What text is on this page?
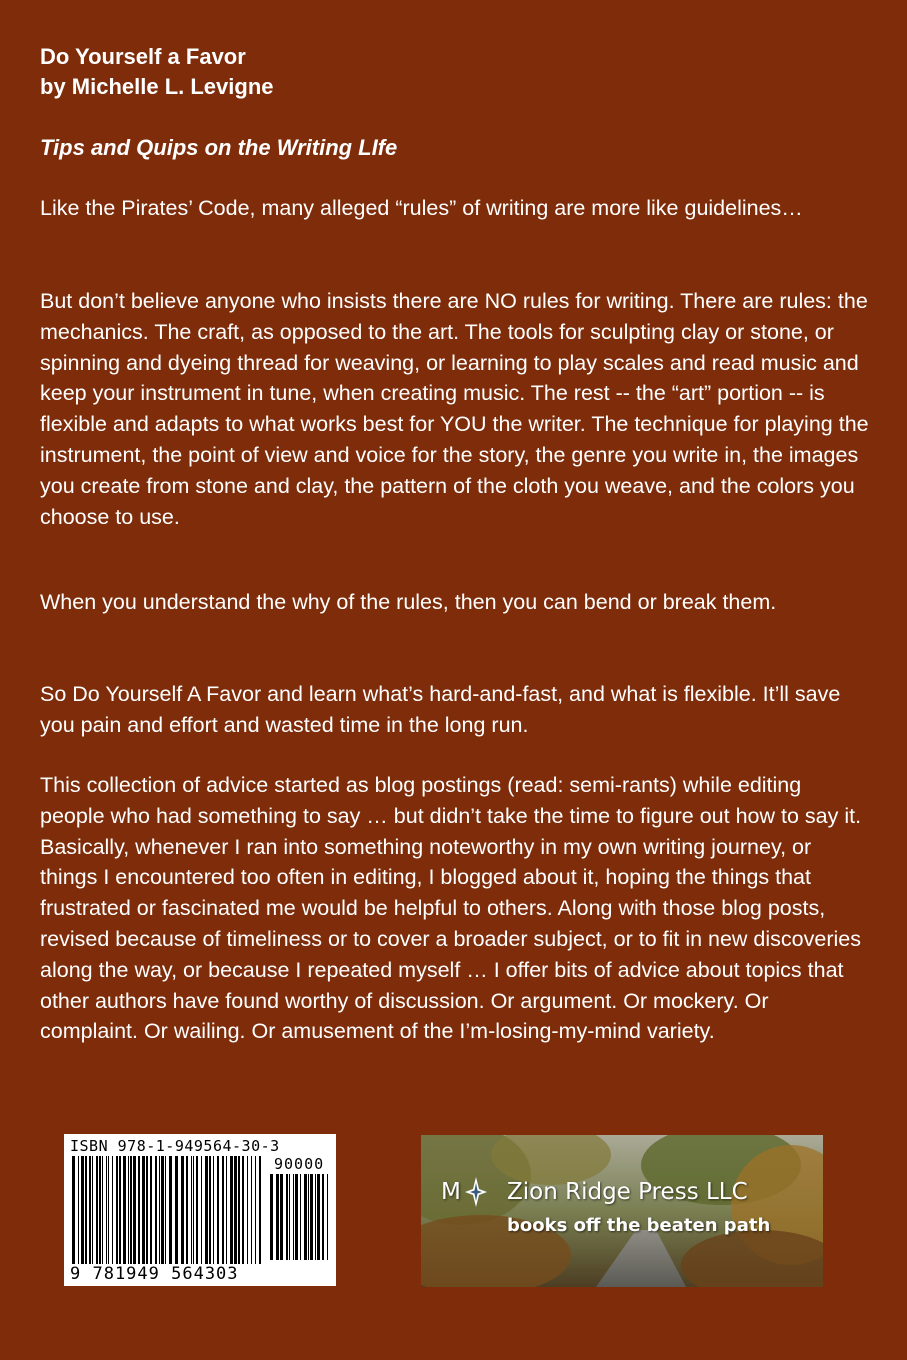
Do Yourself a Favor
by Michelle L. Levigne
Tips and Quips on the Writing LIfe

Like the Pirates’ Code, many alleged “rules” of writing are more like guidelines…

But don’t believe anyone who insists there are NO rules for writing. There are rules: the mechanics. The craft, as opposed to the art. The tools for sculpting clay or stone, or spinning and dyeing thread for weaving, or learning to play scales and read music and keep your instrument in tune, when creating music. The rest -- the “art” portion -- is flexible and adapts to what works best for YOU the writer. The technique for playing the instrument, the point of view and voice for the story, the genre you write in, the images you create from stone and clay, the pattern of the cloth you weave, and the colors you choose to use.

When you understand the why of the rules, then you can bend or break them.

So Do Yourself A Favor and learn what’s hard-and-fast, and what is flexible. It’ll save you pain and effort and wasted time in the long run.

This collection of advice started as blog postings (read: semi-rants) while editing people who had something to say … but didn’t take the time to figure out how to say it. Basically, whenever I ran into something noteworthy in my own writing journey, or things I encountered too often in editing, I blogged about it, hoping the things that frustrated or fascinated me would be helpful to others. Along with those blog posts, revised because of timeliness or to cover a broader subject, or to fit in new discoveries along the way, or because I repeated myself … I offer bits of advice about topics that other authors have found worthy of discussion. Or argument. Or mockery. Or complaint. Or wailing. Or amusement of the I’m-losing-my-mind variety.

ISBN 978-1-949564-30-3
90000
9 781949 564303
M Zion Ridge Press LLC
books off the beaten path
